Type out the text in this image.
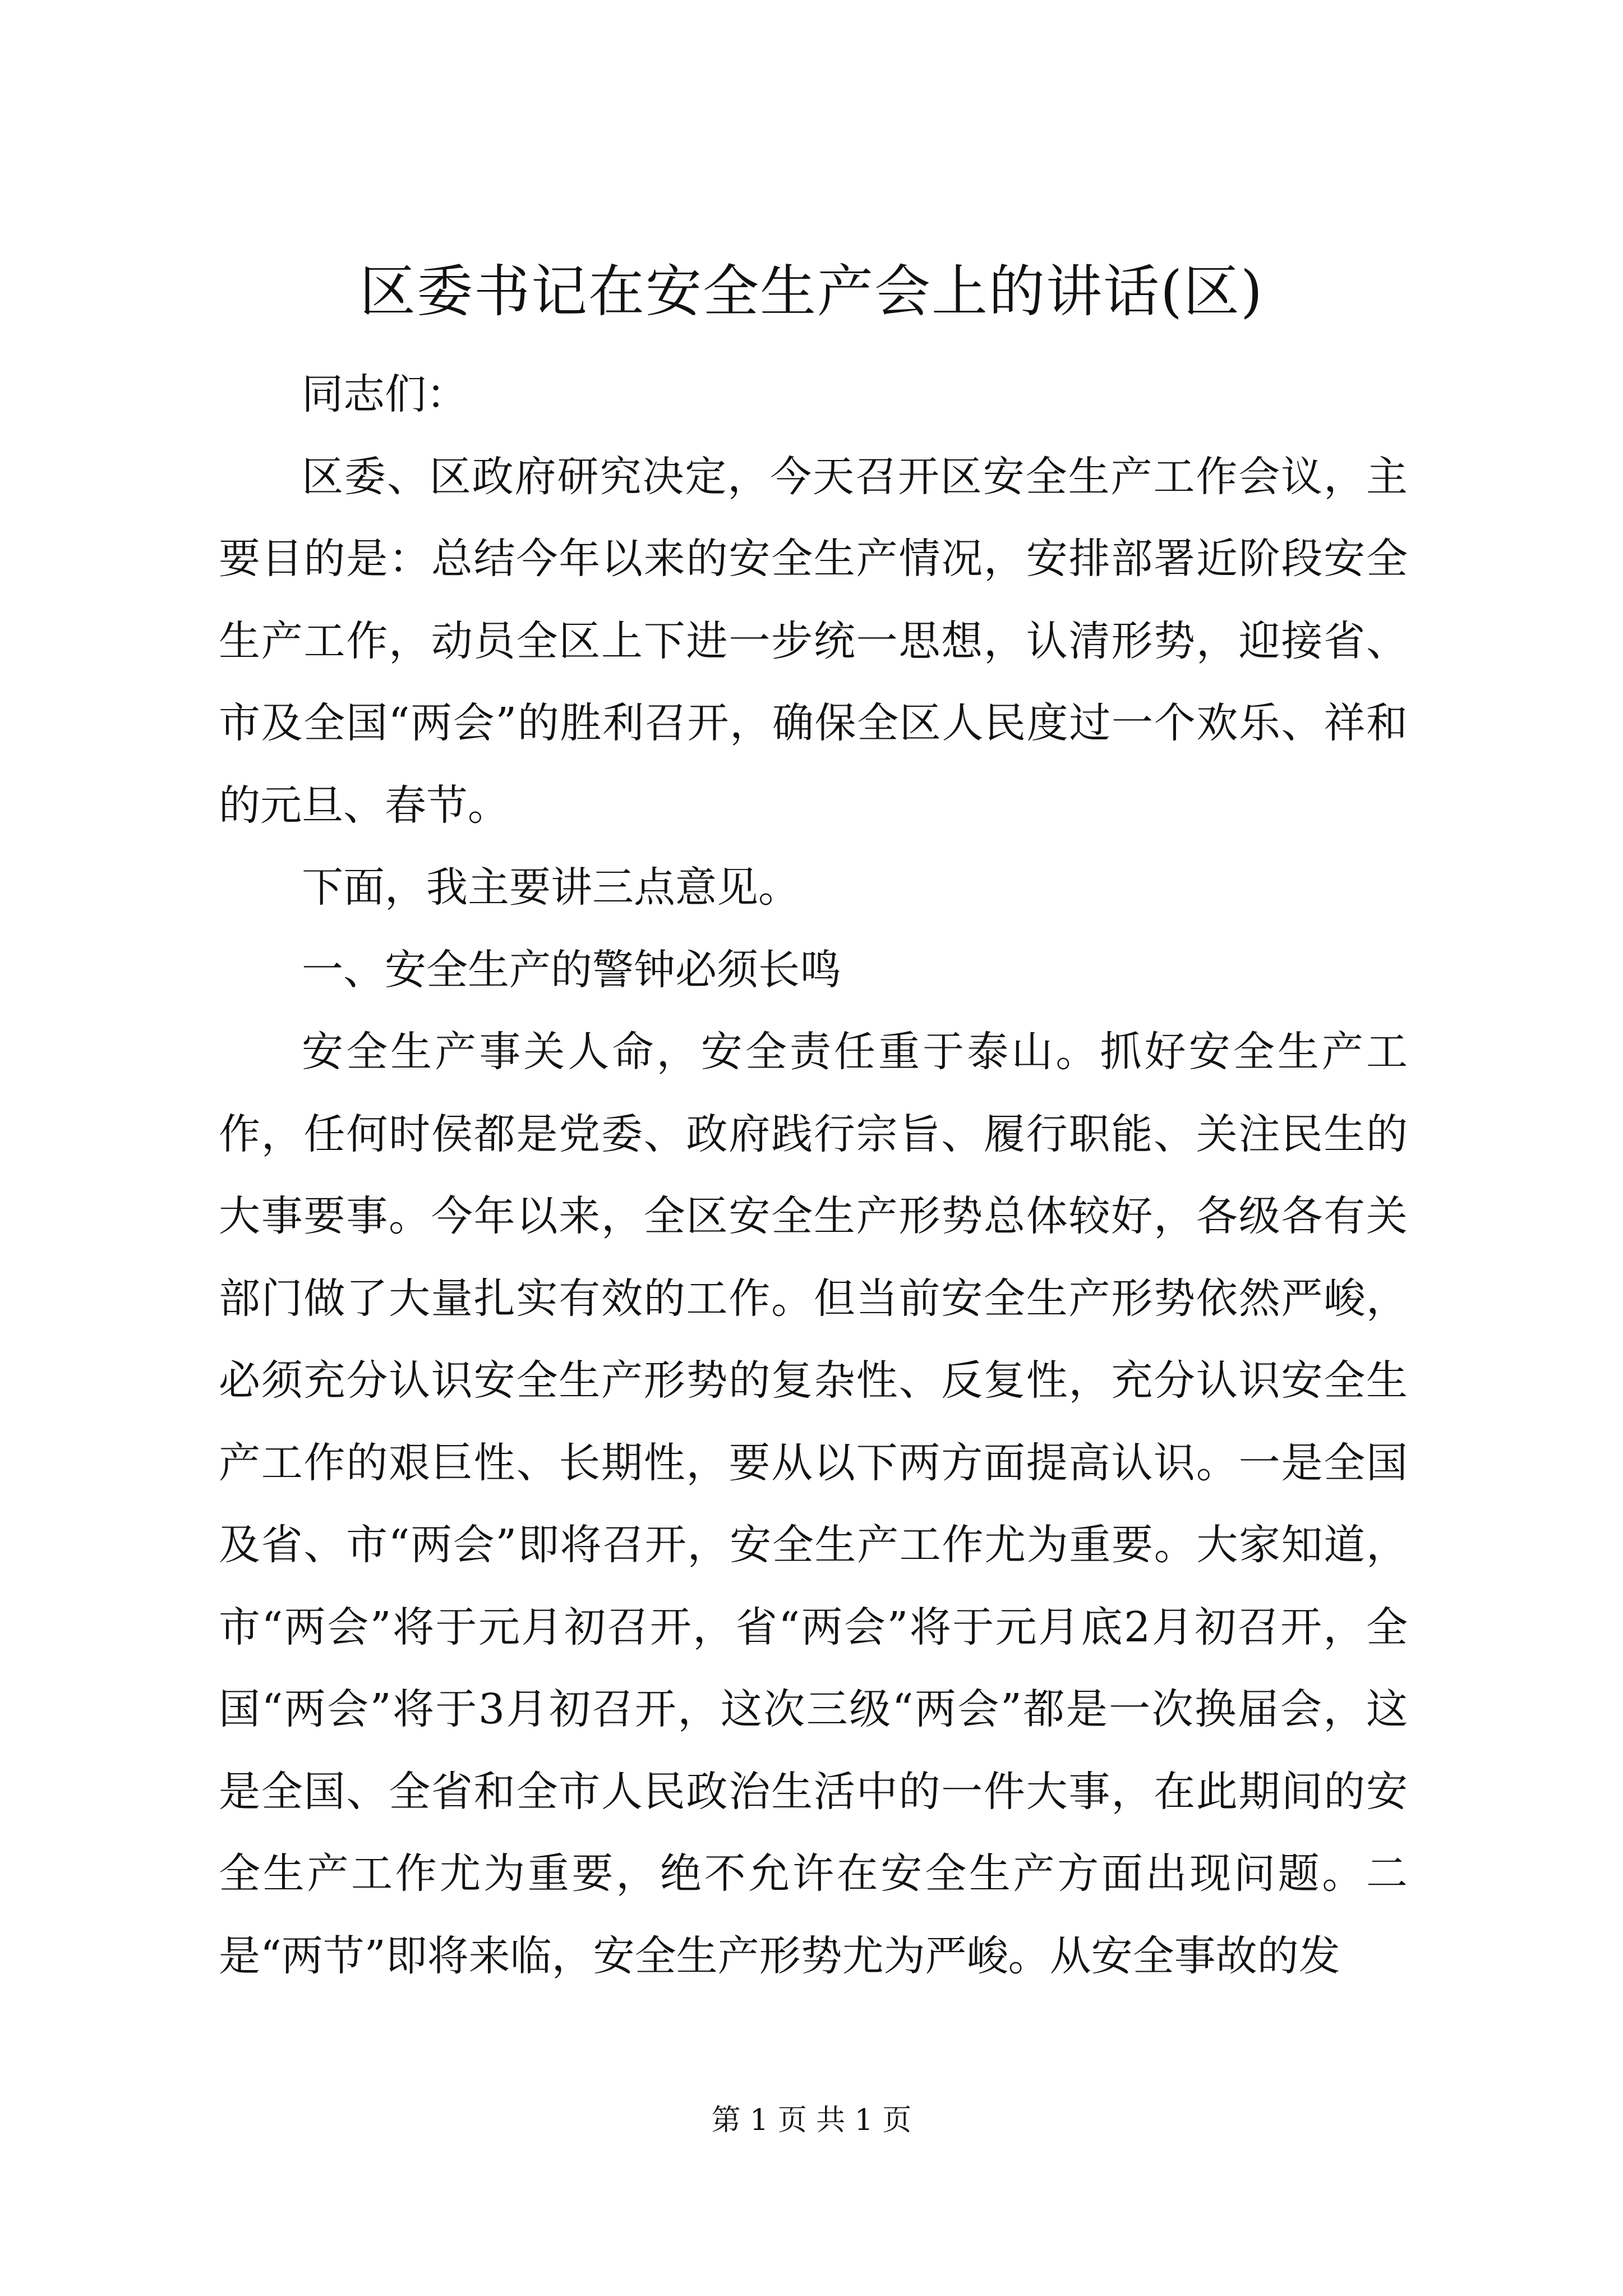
区委书记在安全生产会上的讲话(区)

同志们：

区委、区政府研究决定，今天召开区安全生产工作会议，主要目的是：总结今年以来的安全生产情况，安排部署近阶段安全生产工作，动员全区上下进一步统一思想，认清形势，迎接省、市及全国“两会”的胜利召开，确保全区人民度过一个欢乐、祥和的元旦、春节。

下面，我主要讲三点意见。

一、安全生产的警钟必须长鸣

安全生产事关人命，安全责任重于泰山。抓好安全生产工作，任何时侯都是党委、政府践行宗旨、履行职能、关注民生的大事要事。今年以来，全区安全生产形势总体较好，各级各有关部门做了大量扎实有效的工作。但当前安全生产形势依然严峻，必须充分认识安全生产形势的复杂性、反复性，充分认识安全生产工作的艰巨性、长期性，要从以下两方面提高认识。一是全国及省、市“两会”即将召开，安全生产工作尤为重要。大家知道，市“两会”将于元月初召开，省“两会”将于元月底2月初召开，全国“两会”将于3月初召开，这次三级“两会”都是一次换届会，这是全国、全省和全市人民政治生活中的一件大事，在此期间的安全生产工作尤为重要，绝不允许在安全生产方面出现问题。二是“两节”即将来临，安全生产形势尤为严峻。从安全事故的发

第 1 页 共 1 页
